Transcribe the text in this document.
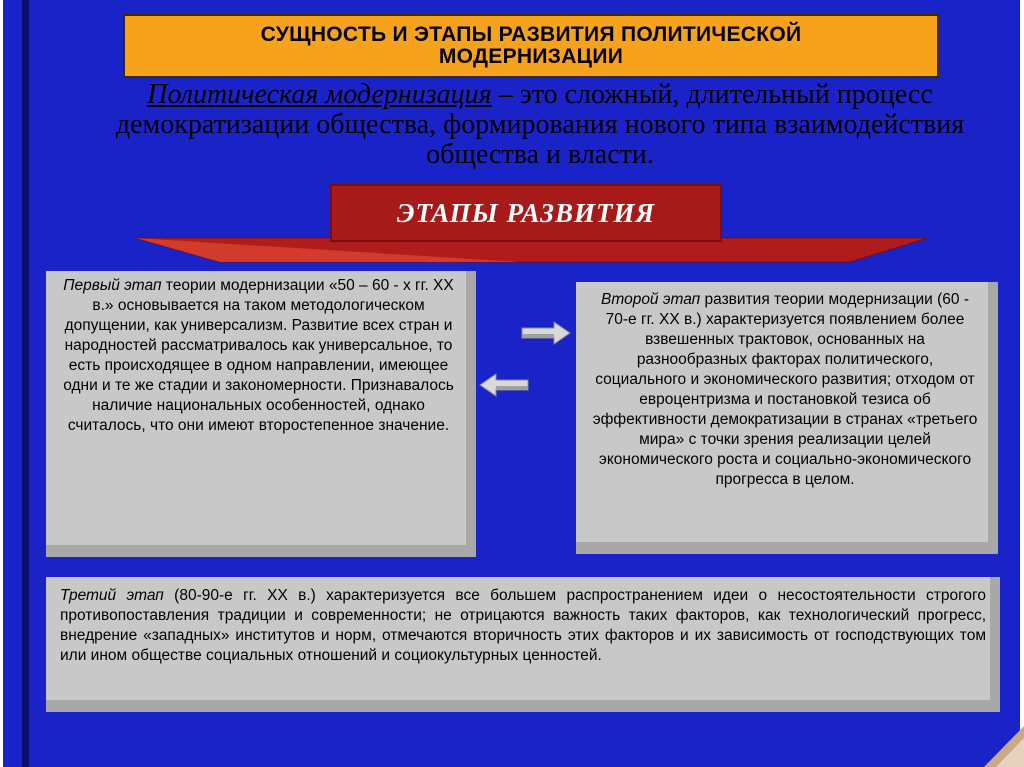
СУЩНОСТЬ И ЭТАПЫ РАЗВИТИЯ ПОЛИТИЧЕСКОЙ
МОДЕРНИЗАЦИИ
Политическая модернизация – это сложный, длительный процесс демократизации общества, формирования нового типа взаимодействия общества и власти.
ЭТАПЫ РАЗВИТИЯ
Первый этап теории модернизации «50 – 60 - х гг. XX в.» основывается на таком методологическом допущении, как универсализм. Развитие всех стран и народностей рассматривалось как универсальное, то есть происходящее в одном направлении, имеющее одни и те же стадии и закономерности. Признавалось наличие национальных особенностей, однако считалось, что они имеют второстепенное значение.
Второй этап развития теории модернизации (60 - 70-е гг. XX в.) характеризуется появлением более взвешенных трактовок, основанных на разнообразных факторах политического, социального и экономического развития; отходом от евроцентризма и постановкой тезиса об эффективности демократизации в странах «третьего мира» с точки зрения реализации целей экономического роста и социально-экономического прогресса в целом.
Третий этап (80-90-е гг. XX в.) характеризуется все большем распространением идеи о несостоятельности строгого противопоставления традиции и современности; не отрицаются важность таких факторов, как технологический прогресс, внедрение «западных» институтов и норм, отмечаются вторичность этих факторов и их зависимость от господствующих том или ином обществе социальных отношений и социокультурных ценностей.
